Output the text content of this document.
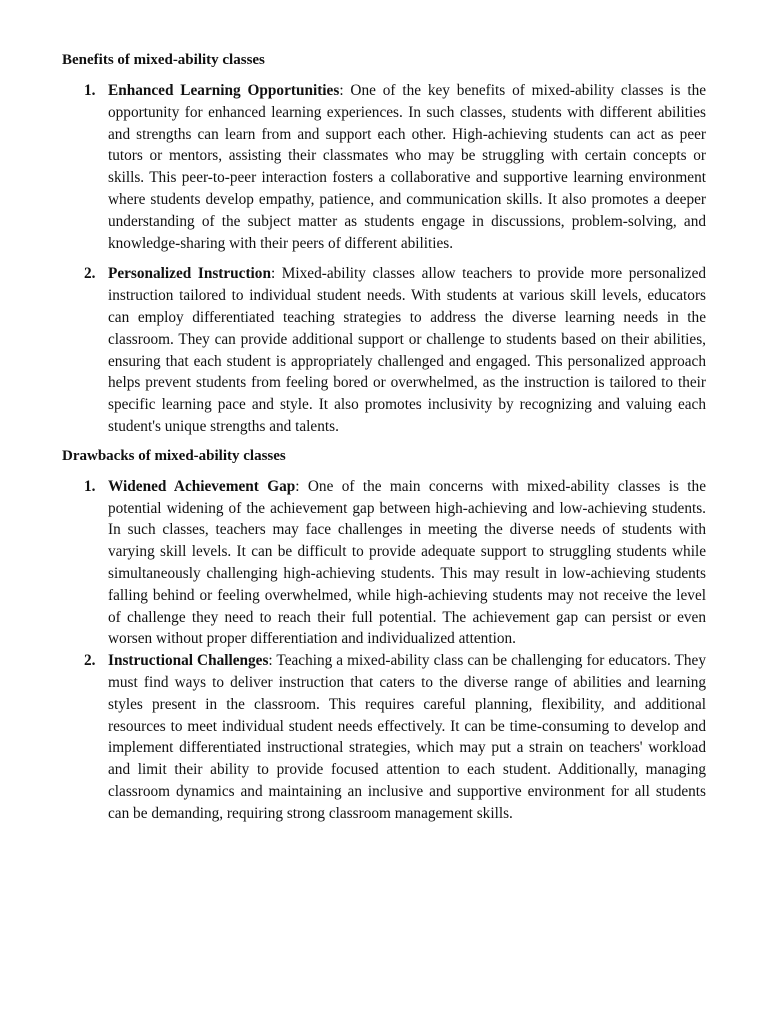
Benefits of mixed-ability classes
1. Enhanced Learning Opportunities: One of the key benefits of mixed-ability classes is the opportunity for enhanced learning experiences. In such classes, students with different abilities and strengths can learn from and support each other. High-achieving students can act as peer tutors or mentors, assisting their classmates who may be struggling with certain concepts or skills. This peer-to-peer interaction fosters a collaborative and supportive learning environment where students develop empathy, patience, and communication skills. It also promotes a deeper understanding of the subject matter as students engage in discussions, problem-solving, and knowledge-sharing with their peers of different abilities.
2. Personalized Instruction: Mixed-ability classes allow teachers to provide more personalized instruction tailored to individual student needs. With students at various skill levels, educators can employ differentiated teaching strategies to address the diverse learning needs in the classroom. They can provide additional support or challenge to students based on their abilities, ensuring that each student is appropriately challenged and engaged. This personalized approach helps prevent students from feeling bored or overwhelmed, as the instruction is tailored to their specific learning pace and style. It also promotes inclusivity by recognizing and valuing each student's unique strengths and talents.
Drawbacks of mixed-ability classes
1. Widened Achievement Gap: One of the main concerns with mixed-ability classes is the potential widening of the achievement gap between high-achieving and low-achieving students. In such classes, teachers may face challenges in meeting the diverse needs of students with varying skill levels. It can be difficult to provide adequate support to struggling students while simultaneously challenging high-achieving students. This may result in low-achieving students falling behind or feeling overwhelmed, while high-achieving students may not receive the level of challenge they need to reach their full potential. The achievement gap can persist or even worsen without proper differentiation and individualized attention.
2. Instructional Challenges: Teaching a mixed-ability class can be challenging for educators. They must find ways to deliver instruction that caters to the diverse range of abilities and learning styles present in the classroom. This requires careful planning, flexibility, and additional resources to meet individual student needs effectively. It can be time-consuming to develop and implement differentiated instructional strategies, which may put a strain on teachers' workload and limit their ability to provide focused attention to each student. Additionally, managing classroom dynamics and maintaining an inclusive and supportive environment for all students can be demanding, requiring strong classroom management skills.
